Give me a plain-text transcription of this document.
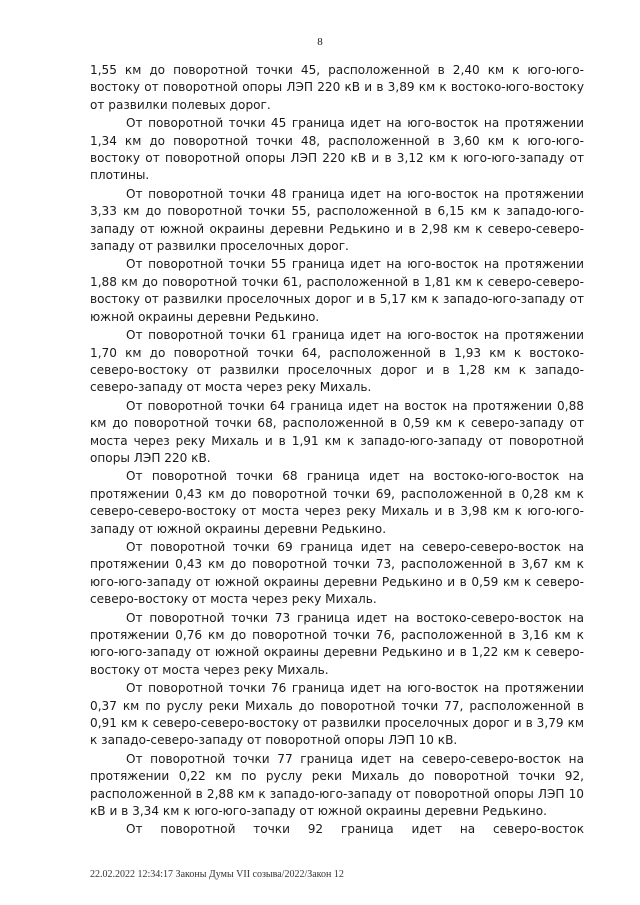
8

1,55 км до поворотной точки 45, расположенной в 2,40 км к юго-юго-востоку от поворотной опоры ЛЭП 220 кВ и в 3,89 км к востоко-юго-востоку от развилки полевых дорог.

От поворотной точки 45 граница идет на юго-восток на протяжении 1,34 км до поворотной точки 48, расположенной в 3,60 км к юго-юго-востоку от поворотной опоры ЛЭП 220 кВ и в 3,12 км к юго-юго-западу от плотины.

От поворотной точки 48 граница идет на юго-восток на протяжении 3,33 км до поворотной точки 55, расположенной в 6,15 км к западо-юго-западу от южной окраины деревни Редькино и в 2,98 км к северо-северо-западу от развилки проселочных дорог.

От поворотной точки 55 граница идет на юго-восток на протяжении 1,88 км до поворотной точки 61, расположенной в 1,81 км к северо-северо-востоку от развилки проселочных дорог и в 5,17 км к западо-юго-западу от южной окраины деревни Редькино.

От поворотной точки 61 граница идет на юго-восток на протяжении 1,70 км до поворотной точки 64, расположенной в 1,93 км к востоко-северо-востоку от развилки проселочных дорог и в 1,28 км к западо-северо-западу от моста через реку Михаль.

От поворотной точки 64 граница идет на восток на протяжении 0,88 км до поворотной точки 68, расположенной в 0,59 км к северо-западу от моста через реку Михаль и в 1,91 км к западо-юго-западу от поворотной опоры ЛЭП 220 кВ.

От поворотной точки 68 граница идет на востоко-юго-восток на протяжении 0,43 км до поворотной точки 69, расположенной в 0,28 км к северо-северо-востоку от моста через реку Михаль и в 3,98 км к юго-юго-западу от южной окраины деревни Редькино.

От поворотной точки 69 граница идет на северо-северо-восток на протяжении 0,43 км до поворотной точки 73, расположенной в 3,67 км к юго-юго-западу от южной окраины деревни Редькино и в 0,59 км к северо-северо-востоку от моста через реку Михаль.

От поворотной точки 73 граница идет на востоко-северо-восток на протяжении 0,76 км до поворотной точки 76, расположенной в 3,16 км к юго-юго-западу от южной окраины деревни Редькино и в 1,22 км к северо-востоку от моста через реку Михаль.

От поворотной точки 76 граница идет на юго-восток на протяжении 0,37 км по руслу реки Михаль до поворотной точки 77, расположенной в 0,91 км к северо-северо-востоку от развилки проселочных дорог и в 3,79 км к западо-северо-западу от поворотной опоры ЛЭП 10 кВ.

От поворотной точки 77 граница идет на северо-северо-восток на протяжении 0,22 км по руслу реки Михаль до поворотной точки 92, расположенной в 2,88 км к западо-юго-западу от поворотной опоры ЛЭП 10 кВ и в 3,34 км к юго-юго-западу от южной окраины деревни Редькино.

От поворотной точки 92 граница идет на северо-восток

22.02.2022 12:34:17 Законы Думы VII созыва/2022/Закон 12
